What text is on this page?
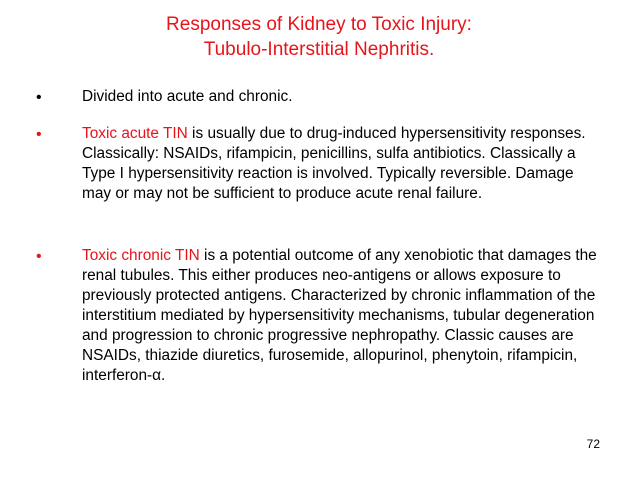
Responses of Kidney to Toxic Injury:
Tubulo-Interstitial Nephritis.
•	Divided into acute and chronic.

•	Toxic acute TIN is usually due to drug-induced hypersensitivity responses. Classically: NSAIDs, rifampicin, penicillins, sulfa antibiotics. Classically a Type I hypersensitivity reaction is involved. Typically reversible. Damage may or may not be sufficient to produce acute renal failure.

•	Toxic chronic TIN is a potential outcome of any xenobiotic that damages the renal tubules. This either produces neo-antigens or allows exposure to previously protected antigens. Characterized by chronic inflammation of the interstitium mediated by hypersensitivity mechanisms, tubular degeneration and progression to chronic progressive nephropathy. Classic causes are NSAIDs, thiazide diuretics, furosemide, allopurinol, phenytoin, rifampicin, interferon-α.

72
